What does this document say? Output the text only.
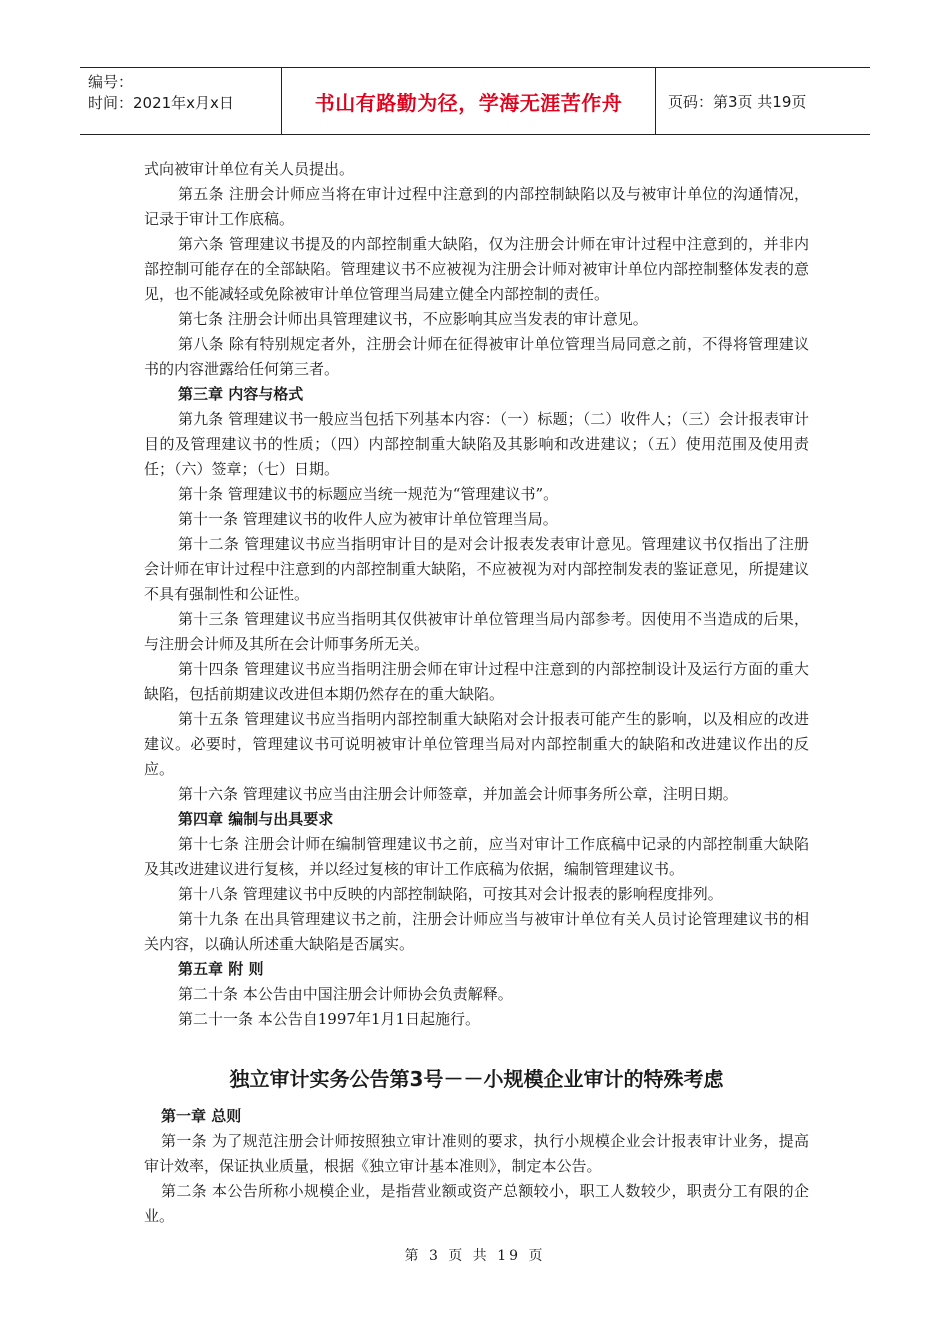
编号：
时间：2021年x月x日	书山有路勤为径，学海无涯苦作舟	页码：第3页 共19页

式向被审计单位有关人员提出。

第五条 注册会计师应当将在审计过程中注意到的内部控制缺陷以及与被审计单位的沟通情况，记录于审计工作底稿。

第六条 管理建议书提及的内部控制重大缺陷，仅为注册会计师在审计过程中注意到的，并非内部控制可能存在的全部缺陷。管理建议书不应被视为注册会计师对被审计单位内部控制整体发表的意见，也不能减轻或免除被审计单位管理当局建立健全内部控制的责任。

第七条 注册会计师出具管理建议书，不应影响其应当发表的审计意见。

第八条 除有特别规定者外，注册会计师在征得被审计单位管理当局同意之前，不得将管理建议书的内容泄露给任何第三者。

第三章 内容与格式

第九条 管理建议书一般应当包括下列基本内容：（一）标题；（二）收件人；（三）会计报表审计目的及管理建议书的性质；（四）内部控制重大缺陷及其影响和改进建议；（五）使用范围及使用责任；（六）签章；（七）日期。

第十条 管理建议书的标题应当统一规范为“管理建议书”。

第十一条 管理建议书的收件人应为被审计单位管理当局。

第十二条 管理建议书应当指明审计目的是对会计报表发表审计意见。管理建议书仅指出了注册会计师在审计过程中注意到的内部控制重大缺陷，不应被视为对内部控制发表的鉴证意见，所提建议不具有强制性和公证性。

第十三条 管理建议书应当指明其仅供被审计单位管理当局内部参考。因使用不当造成的后果，与注册会计师及其所在会计师事务所无关。

第十四条 管理建议书应当指明注册会师在审计过程中注意到的内部控制设计及运行方面的重大缺陷，包括前期建议改进但本期仍然存在的重大缺陷。

第十五条 管理建议书应当指明内部控制重大缺陷对会计报表可能产生的影响，以及相应的改进建议。必要时，管理建议书可说明被审计单位管理当局对内部控制重大的缺陷和改进建议作出的反应。

第十六条 管理建议书应当由注册会计师签章，并加盖会计师事务所公章，注明日期。

第四章 编制与出具要求

第十七条 注册会计师在编制管理建议书之前，应当对审计工作底稿中记录的内部控制重大缺陷及其改进建议进行复核，并以经过复核的审计工作底稿为依据，编制管理建议书。

第十八条 管理建议书中反映的内部控制缺陷，可按其对会计报表的影响程度排列。

第十九条 在出具管理建议书之前，注册会计师应当与被审计单位有关人员讨论管理建议书的相关内容，以确认所述重大缺陷是否属实。

第五章 附 则

第二十条 本公告由中国注册会计师协会负责解释。

第二十一条 本公告自1997年1月1日起施行。

独立审计实务公告第3号－－小规模企业审计的特殊考虑

第一章 总则

第一条 为了规范注册会计师按照独立审计准则的要求，执行小规模企业会计报表审计业务，提高审计效率，保证执业质量，根据《独立审计基本准则》，制定本公告。

第二条 本公告所称小规模企业，是指营业额或资产总额较小，职工人数较少，职责分工有限的企业。

第 3 页 共 19 页
